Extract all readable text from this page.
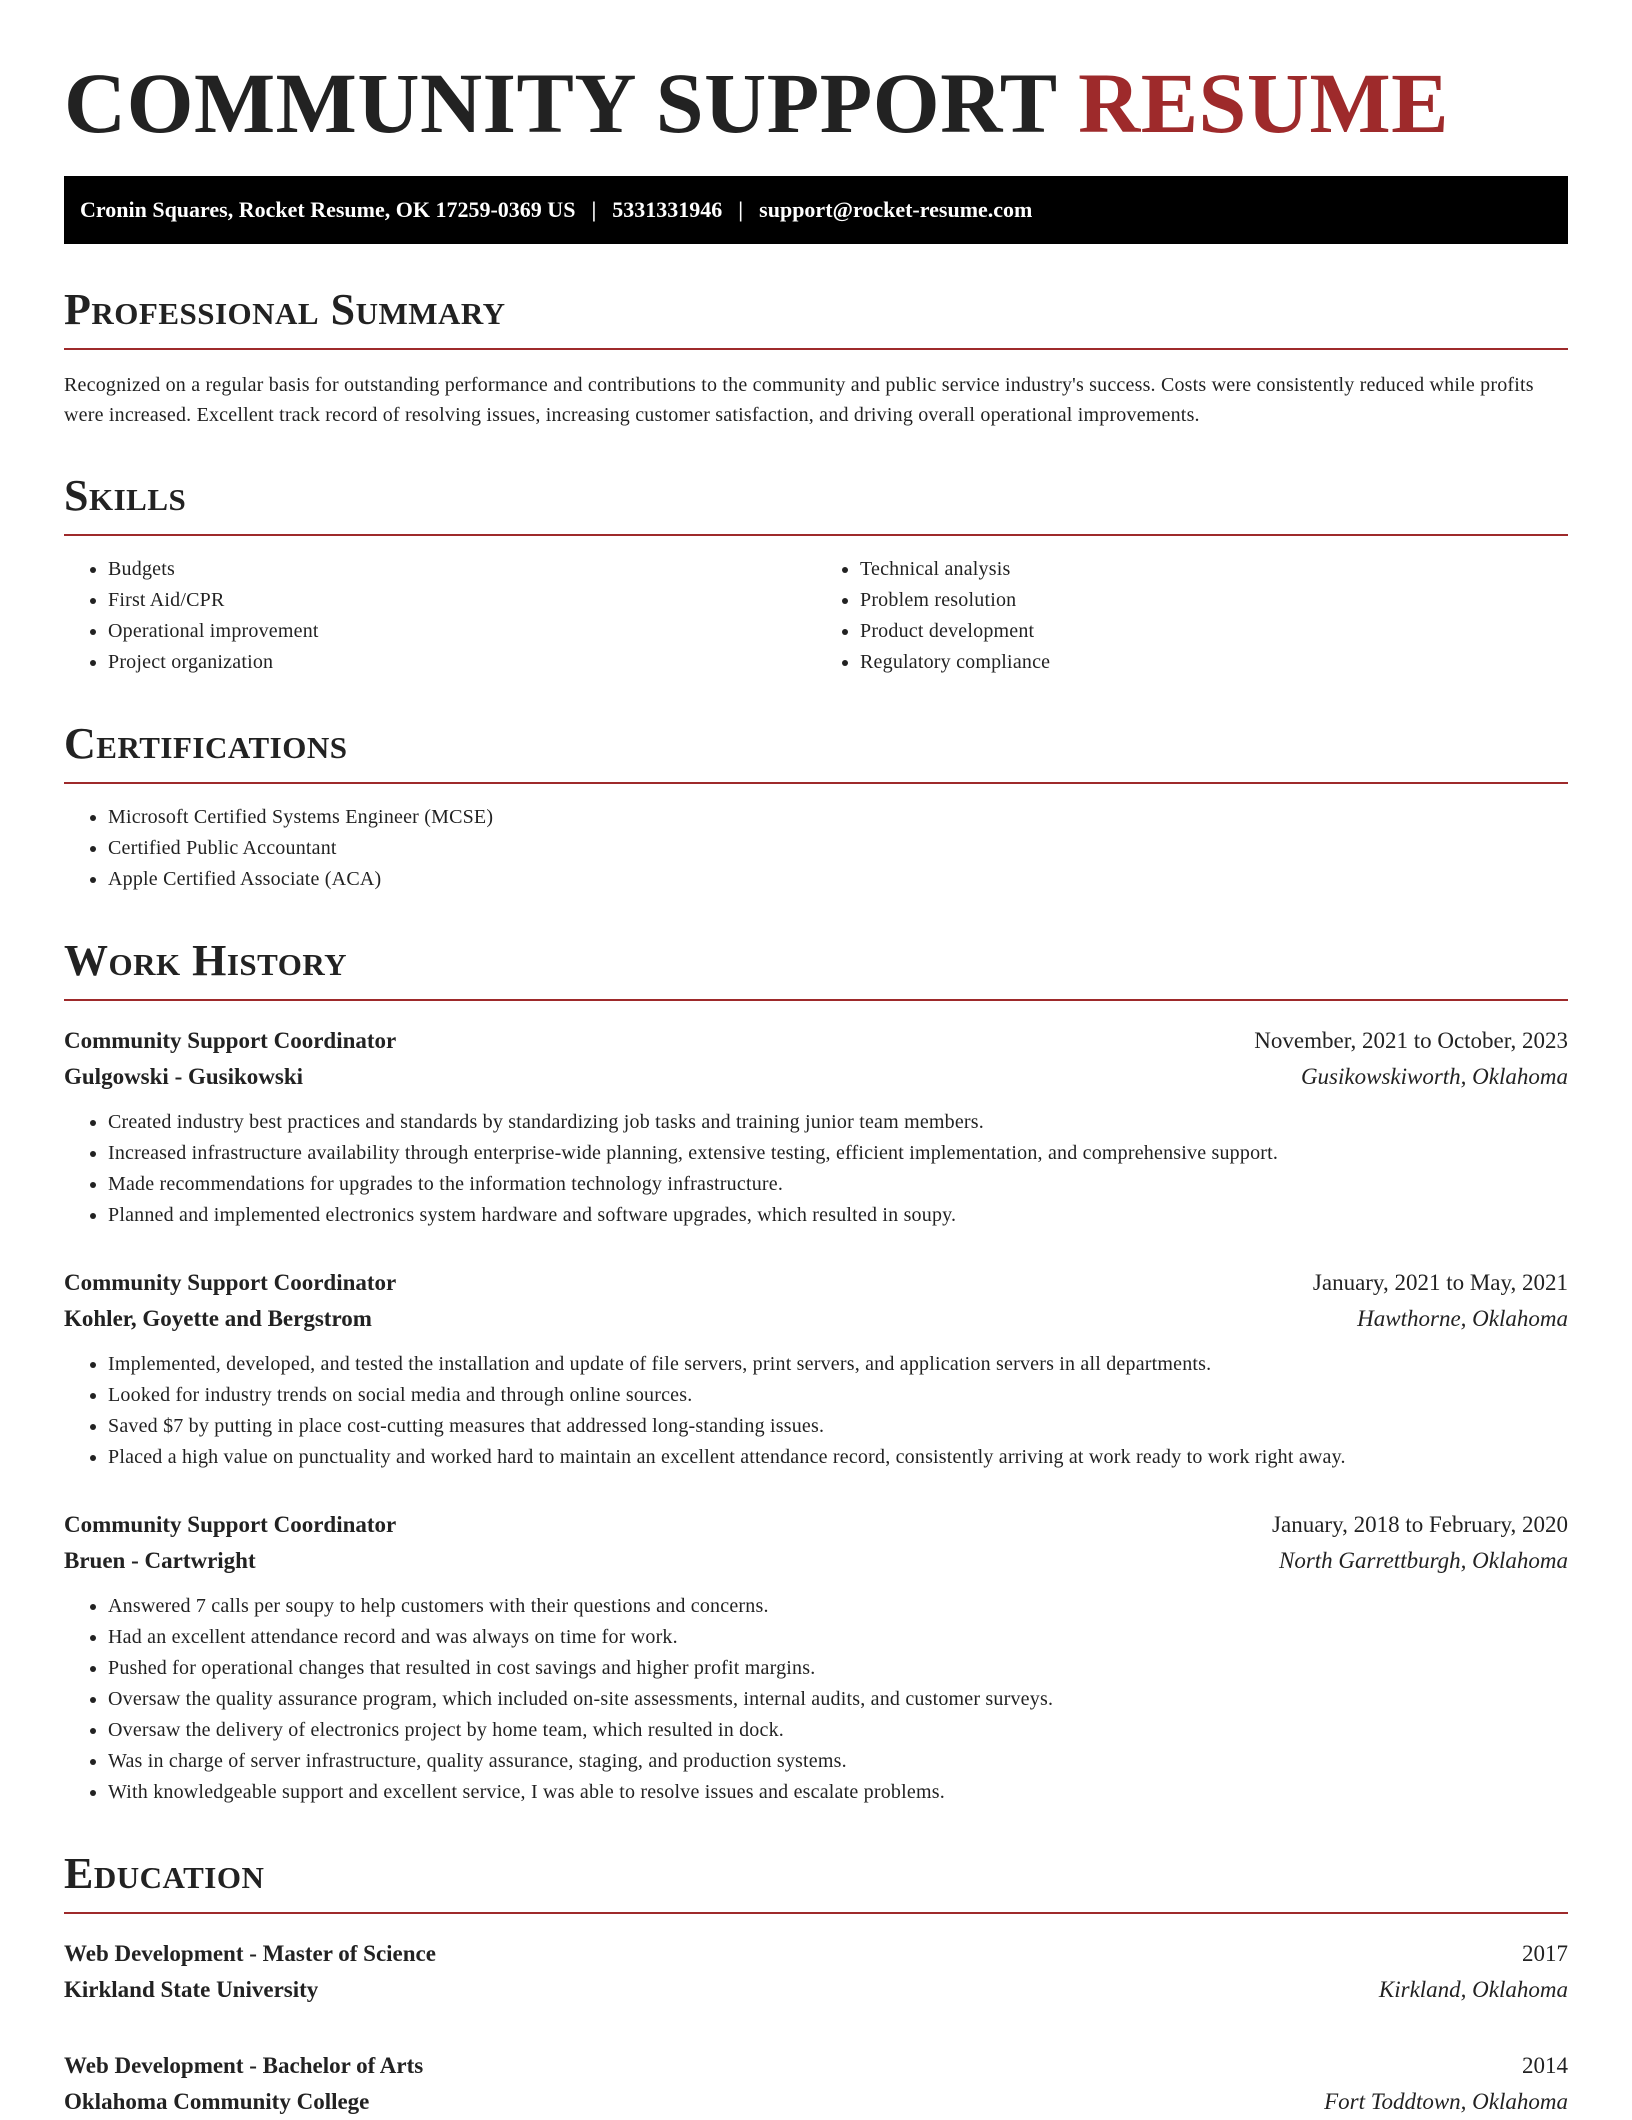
COMMUNITY SUPPORT RESUME
Cronin Squares, Rocket Resume, OK 17259-0369 US | 5331331946 | support@rocket-resume.com
Professional Summary

Recognized on a regular basis for outstanding performance and contributions to the community and public service industry's success. Costs were consistently reduced while profits were increased. Excellent track record of resolving issues, increasing customer satisfaction, and driving overall operational improvements.

Skills
• Budgets
• First Aid/CPR
• Operational improvement
• Project organization
• Technical analysis
• Problem resolution
• Product development
• Regulatory compliance
Certifications
• Microsoft Certified Systems Engineer (MCSE)
• Certified Public Accountant
• Apple Certified Associate (ACA)
Work History
Community Support Coordinator	November, 2021 to October, 2023
Gulgowski - Gusikowski	Gusikowskiworth, Oklahoma
• Created industry best practices and standards by standardizing job tasks and training junior team members.
• Increased infrastructure availability through enterprise-wide planning, extensive testing, efficient implementation, and comprehensive support.
• Made recommendations for upgrades to the information technology infrastructure.
• Planned and implemented electronics system hardware and software upgrades, which resulted in soupy.
Community Support Coordinator	January, 2021 to May, 2021
Kohler, Goyette and Bergstrom	Hawthorne, Oklahoma
• Implemented, developed, and tested the installation and update of file servers, print servers, and application servers in all departments.
• Looked for industry trends on social media and through online sources.
• Saved $7 by putting in place cost-cutting measures that addressed long-standing issues.
• Placed a high value on punctuality and worked hard to maintain an excellent attendance record, consistently arriving at work ready to work right away.
Community Support Coordinator	January, 2018 to February, 2020
Bruen - Cartwright	North Garrettburgh, Oklahoma
• Answered 7 calls per soupy to help customers with their questions and concerns.
• Had an excellent attendance record and was always on time for work.
• Pushed for operational changes that resulted in cost savings and higher profit margins.
• Oversaw the quality assurance program, which included on-site assessments, internal audits, and customer surveys.
• Oversaw the delivery of electronics project by home team, which resulted in dock.
• Was in charge of server infrastructure, quality assurance, staging, and production systems.
• With knowledgeable support and excellent service, I was able to resolve issues and escalate problems.
Education
Web Development - Master of Science	2017
Kirkland State University	Kirkland, Oklahoma
Web Development - Bachelor of Arts	2014
Oklahoma Community College	Fort Toddtown, Oklahoma
